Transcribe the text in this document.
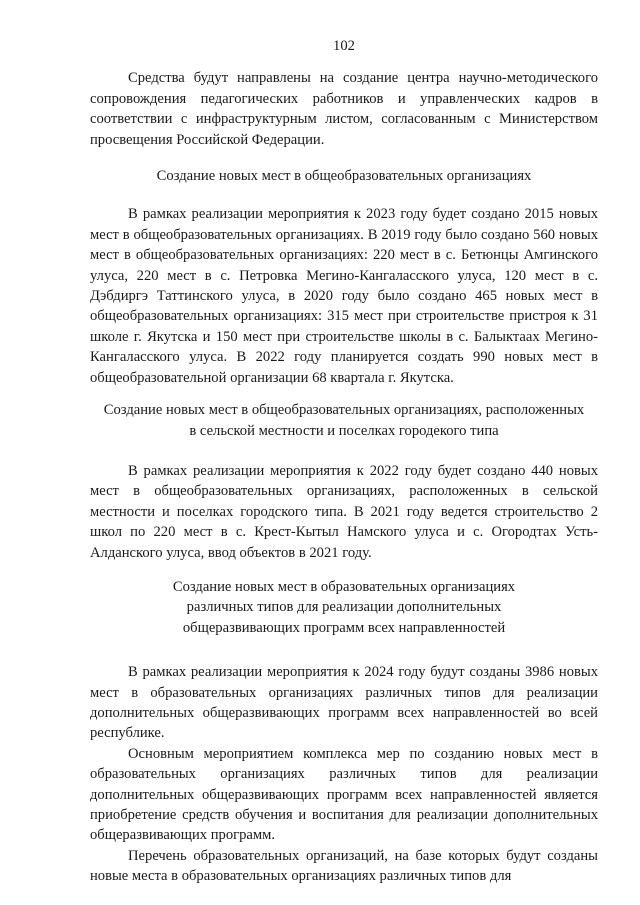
102

Средства будут направлены на создание центра научно-методического сопровождения педагогических работников и управленческих кадров в соответствии с инфраструктурным листом, согласованным с Министерством просвещения Российской Федерации.

Создание новых мест в общеобразовательных организациях

В рамках реализации мероприятия к 2023 году будет создано 2015 новых мест в общеобразовательных организациях. В 2019 году было создано 560 новых мест в общеобразовательных организациях: 220 мест в с. Бетюнцы Амгинского улуса, 220 мест в с. Петровка Мегино-Кангаласского улуса, 120 мест в с. Дэбдиргэ Таттинского улуса, в 2020 году было создано 465 новых мест в общеобразовательных организациях: 315 мест при строительстве пристроя к 31 школе г. Якутска и 150 мест при строительстве школы в с. Балыктаах Мегино-Кангаласского улуса. В 2022 году планируется создать 990 новых мест в общеобразовательной организации 68 квартала г. Якутска.

Создание новых мест в общеобразовательных организациях, расположенных
в сельской местности и поселках городекого типа

В рамках реализации мероприятия к 2022 году будет создано 440 новых мест в общеобразовательных организациях, расположенных в сельской местности и поселках городского типа. В 2021 году ведется строительство 2 школ по 220 мест в с. Крест-Кытыл Намского улуса и с. Огородтах Усть-Алданского улуса, ввод объектов в 2021 году.

Создание новых мест в образовательных организациях
различных типов для реализации дополнительных
общеразвивающих программ всех направленностей

В рамках реализации мероприятия к 2024 году будут созданы 3986 новых мест в образовательных организациях различных типов для реализации дополнительных общеразвивающих программ всех направленностей во всей республике.

Основным мероприятием комплекса мер по созданию новых мест в образовательных организациях различных типов для реализации дополнительных общеразвивающих программ всех направленностей является приобретение средств обучения и воспитания для реализации дополнительных общеразвивающих программ.

Перечень образовательных организаций, на базе которых будут созданы новые места в образовательных организациях различных типов для
